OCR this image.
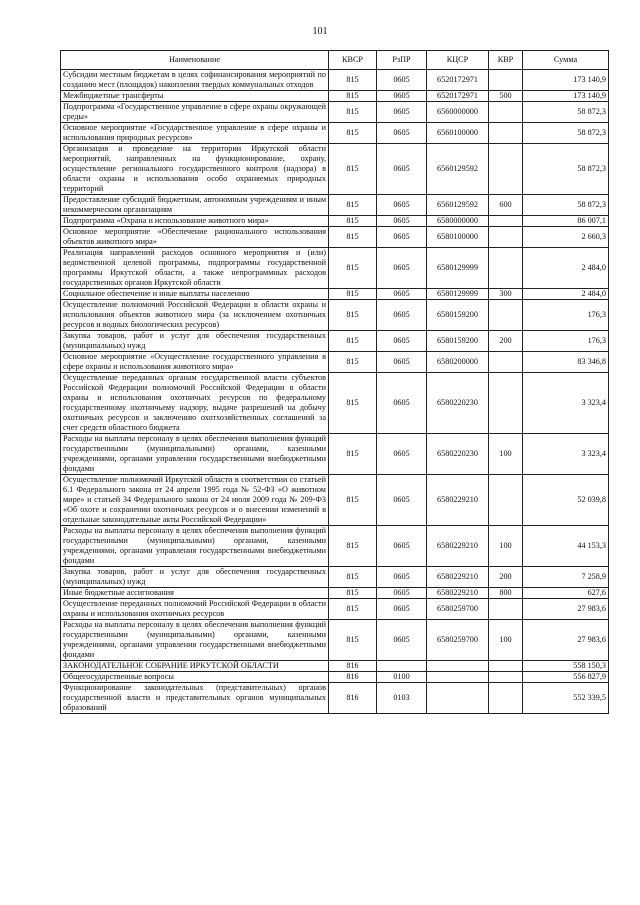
101
Наименование	КВСР	РзПР	КЦСР	КВР	Сумма
Субсидии местным бюджетам в целях софинансирования мероприятий по созданию мест (площадок) накопления твердых коммунальных отходов	815	0605	6520172971		173 140,9
Межбюджетные трансферты	815	0605	6520172971	500	173 140,9
Подпрограмма «Государственное управление в сфере охраны окружающей среды»	815	0605	6560000000		58 872,3
Основное мероприятие «Государственное управление в сфере охраны и использования природных ресурсов»	815	0605	6560100000		58 872,3
Организация и проведение на территории Иркутской области мероприятий, направленных на функционирование, охрану, осуществление регионального государственного контроля (надзора) в области охраны и использования особо охраняемых природных территорий	815	0605	6560129592		58 872,3
Предоставление субсидий бюджетным, автономным учреждениям и иным некоммерческим организациям	815	0605	6560129592	600	58 872,3
Подпрограмма «Охрана и использование животного мира»	815	0605	6580000000		86 007,1
Основное мероприятие «Обеспечение рационального использования объектов животного мира»	815	0605	6580100000		2 660,3
Реализация направлений расходов основного мероприятия и (или) ведомственной целевой программы, подпрограммы государственной программы Иркутской области, а также непрограммных расходов государственных органов Иркутской области	815	0605	6580129999		2 484,0
Социальное обеспечение и иные выплаты населению	815	0605	6580129999	300	2 484,0
Осуществление полномочий Российской Федерации в области охраны и использования объектов животного мира (за исключением охотничьих ресурсов и водных биологических ресурсов)	815	0605	6580159200		176,3
Закупка товаров, работ и услуг для обеспечения государственных (муниципальных) нужд	815	0605	6580159200	200	176,3
Основное мероприятие «Осуществление государственного управления в сфере охраны и использования животного мира»	815	0605	6580200000		83 346,8
Осуществление переданных органам государственной власти субъектов Российской Федерации полномочий Российской Федерации в области охраны и использования охотничьих ресурсов по федеральному государственному охотничьему надзору, выдаче разрешений на добычу охотничьих ресурсов и заключению охотхозяйственных соглашений за счет средств областного бюджета	815	0605	6580220230		3 323,4
Расходы на выплаты персоналу в целях обеспечения выполнения функций государственными (муниципальными) органами, казенными учреждениями, органами управления государственными внебюджетными фондами	815	0605	6580220230	100	3 323,4
Осуществление полномочий Иркутской области в соответствии со статьей 6.1 Федерального закона от 24 апреля 1995 года № 52-ФЗ «О животном мире» и статьей 34 Федерального закона от 24 июля 2009 года № 209-ФЗ «Об охоте и сохранении охотничьих ресурсов и о внесении изменений в отдельные законодательные акты Российской Федерации»	815	0605	6580229210		52 039,8
Расходы на выплаты персоналу в целях обеспечения выполнения функций государственными (муниципальными) органами, казенными учреждениями, органами управления государственными внебюджетными фондами	815	0605	6580229210	100	44 153,3
Закупка товаров, работ и услуг для обеспечения государственных (муниципальных) нужд	815	0605	6580229210	200	7 258,9
Иные бюджетные ассигнования	815	0605	6580229210	800	627,6
Осуществление переданных полномочий Российской Федерации в области охраны и использования охотничьих ресурсов	815	0605	6580259700		27 983,6
Расходы на выплаты персоналу в целях обеспечения выполнения функций государственными (муниципальными) органами, казенными учреждениями, органами управления государственными внебюджетными фондами	815	0605	6580259700	100	27 983,6
ЗАКОНОДАТЕЛЬНОЕ СОБРАНИЕ ИРКУТСКОЙ ОБЛАСТИ	816				558 150,3
Общегосударственные вопросы	816	0100			556 827,9
Функционирование законодательных (представительных) органов государственной власти и представительных органов муниципальных образований	816	0103			552 339,5
